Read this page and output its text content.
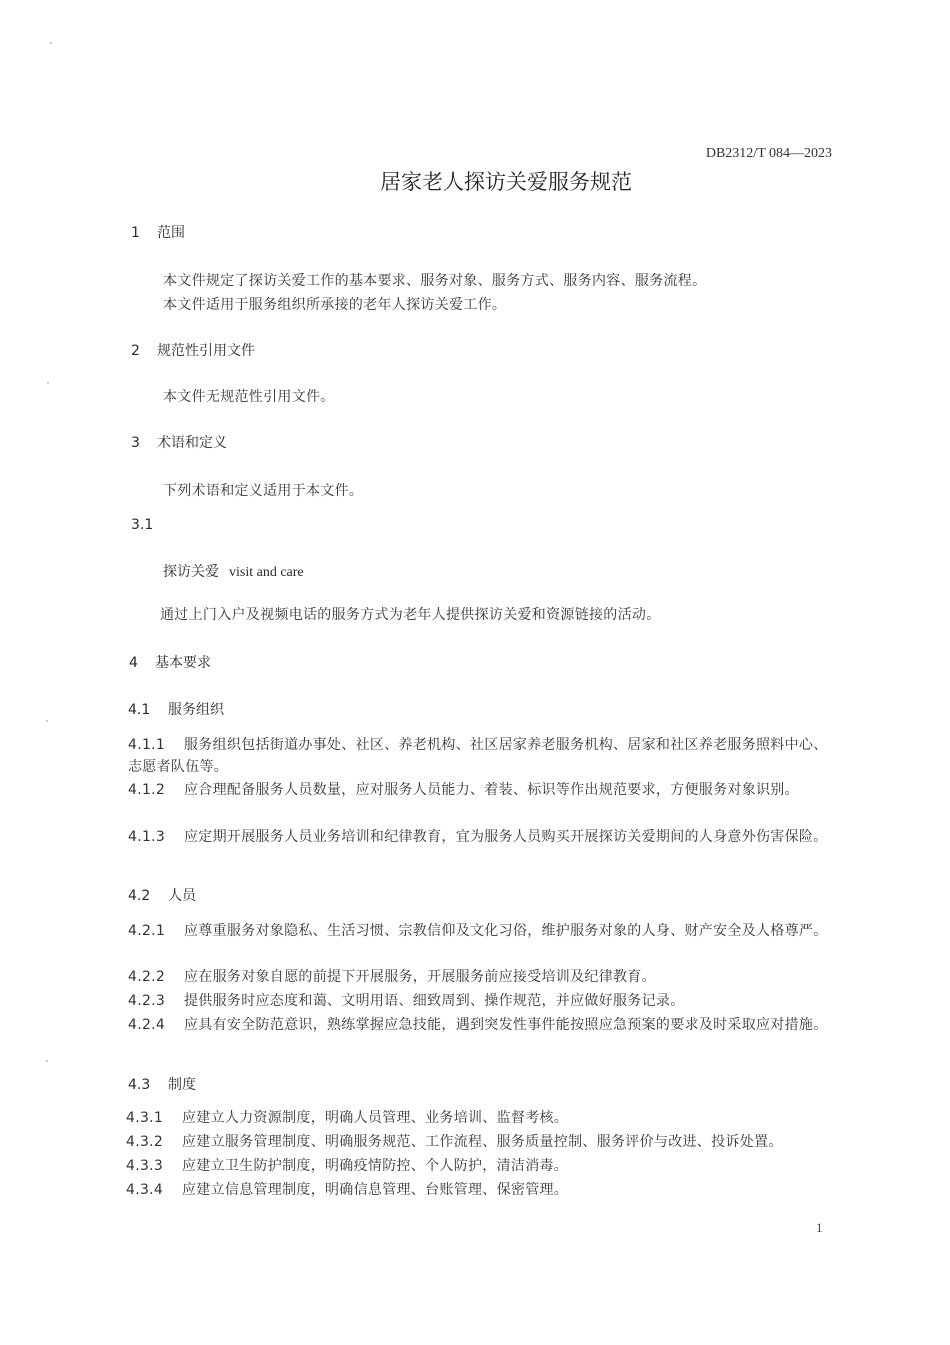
DB2312/T 084—2023
居家老人探访关爱服务规范
1 范围
本文件规定了探访关爱工作的基本要求、服务对象、服务方式、服务内容、服务流程。
本文件适用于服务组织所承接的老年人探访关爱工作。
2 规范性引用文件
本文件无规范性引用文件。
3 术语和定义
下列术语和定义适用于本文件。
3.1
探访关爱 visit and care
通过上门入户及视频电话的服务方式为老年人提供探访关爱和资源链接的活动。
4 基本要求
4.1 服务组织
4.1.1 服务组织包括街道办事处、社区、养老机构、社区居家养老服务机构、居家和社区养老服务照料中心、志愿者队伍等。
4.1.2 应合理配备服务人员数量，应对服务人员能力、着装、标识等作出规范要求，方便服务对象识别。
4.1.3 应定期开展服务人员业务培训和纪律教育，宜为服务人员购买开展探访关爱期间的人身意外伤害保险。
4.2 人员
4.2.1 应尊重服务对象隐私、生活习惯、宗教信仰及文化习俗，维护服务对象的人身、财产安全及人格尊严。
4.2.2 应在服务对象自愿的前提下开展服务，开展服务前应接受培训及纪律教育。
4.2.3 提供服务时应态度和蔼、文明用语、细致周到、操作规范，并应做好服务记录。
4.2.4 应具有安全防范意识，熟练掌握应急技能，遇到突发性事件能按照应急预案的要求及时采取应对措施。
4.3 制度
4.3.1 应建立人力资源制度，明确人员管理、业务培训、监督考核。
4.3.2 应建立服务管理制度、明确服务规范、工作流程、服务质量控制、服务评价与改进、投诉处置。
4.3.3 应建立卫生防护制度，明确疫情防控、个人防护，清洁消毒。
4.3.4 应建立信息管理制度，明确信息管理、台账管理、保密管理。
1
